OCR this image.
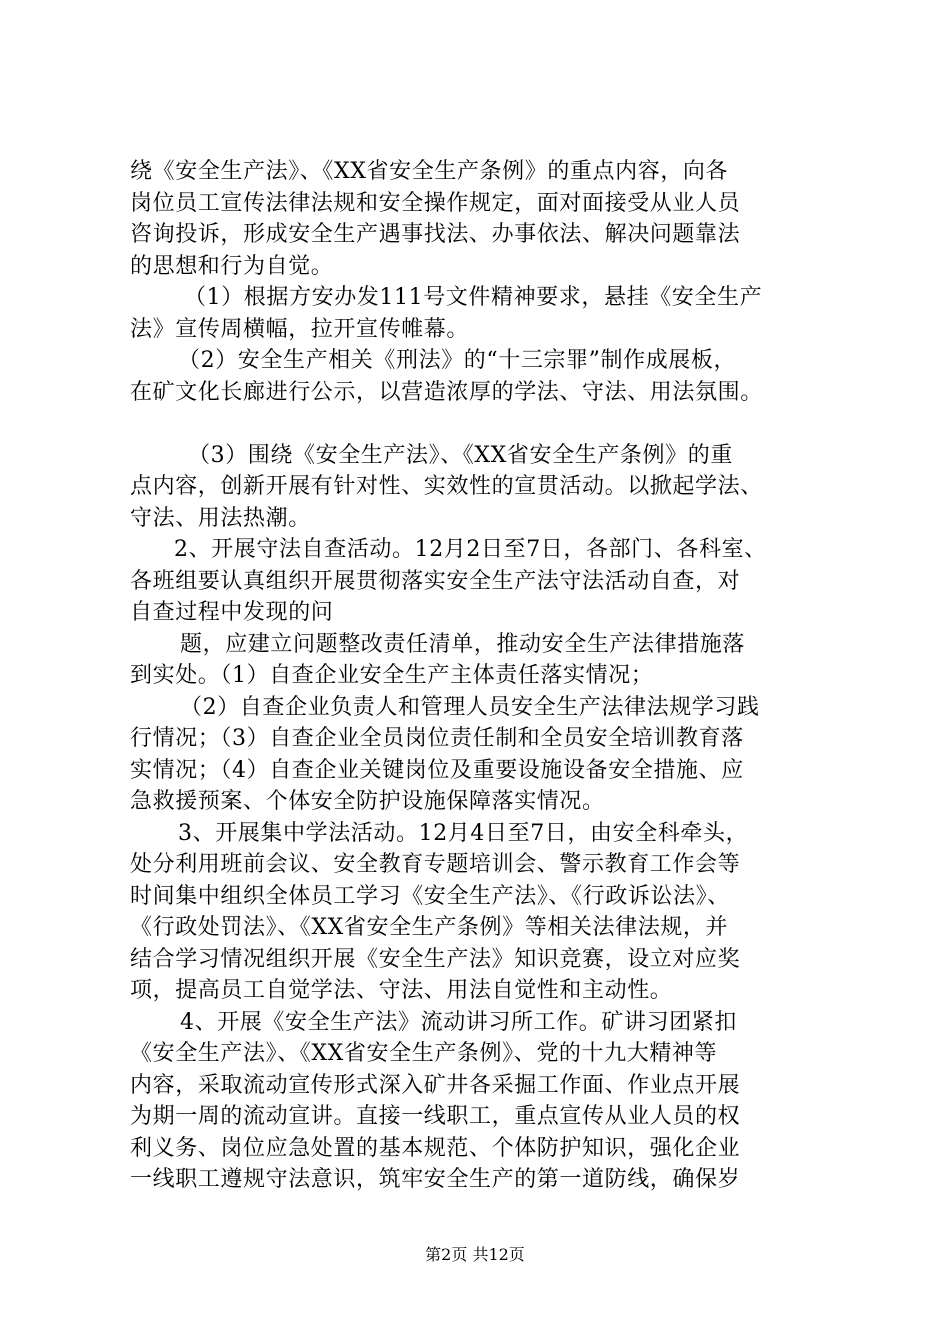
绕《安全生产法》、《XX省安全生产条例》的重点内容，向各
岗位员工宣传法律法规和安全操作规定，面对面接受从业人员
咨询投诉，形成安全生产遇事找法、办事依法、解决问题靠法
的思想和行为自觉。
（1）根据方安办发111号文件精神要求，悬挂《安全生产
法》宣传周横幅，拉开宣传帷幕。
（2）安全生产相关《刑法》的“十三宗罪”制作成展板，
在矿文化长廊进行公示，以营造浓厚的学法、守法、用法氛围。
（3）围绕《安全生产法》、《XX省安全生产条例》的重
点内容，创新开展有针对性、实效性的宣贯活动。以掀起学法、
守法、用法热潮。
2、开展守法自查活动。12月2日至7日，各部门、各科室、
各班组要认真组织开展贯彻落实安全生产法守法活动自查，对
自查过程中发现的问
题，应建立问题整改责任清单，推动安全生产法律措施落
到实处。（1）自查企业安全生产主体责任落实情况；
（2）自查企业负责人和管理人员安全生产法律法规学习践
行情况；（3）自查企业全员岗位责任制和全员安全培训教育落
实情况；（4）自查企业关键岗位及重要设施设备安全措施、应
急救援预案、个体安全防护设施保障落实情况。
3、开展集中学法活动。12月4日至7日，由安全科牵头，
处分利用班前会议、安全教育专题培训会、警示教育工作会等
时间集中组织全体员工学习《安全生产法》、《行政诉讼法》、
《行政处罚法》、《XX省安全生产条例》等相关法律法规，并
结合学习情况组织开展《安全生产法》知识竞赛，设立对应奖
项，提高员工自觉学法、守法、用法自觉性和主动性。
4、开展《安全生产法》流动讲习所工作。矿讲习团紧扣
《安全生产法》、《XX省安全生产条例》、党的十九大精神等
内容，采取流动宣传形式深入矿井各采掘工作面、作业点开展
为期一周的流动宣讲。直接一线职工，重点宣传从业人员的权
利义务、岗位应急处置的基本规范、个体防护知识，强化企业
一线职工遵规守法意识，筑牢安全生产的第一道防线，确保岁
第2页 共12页
